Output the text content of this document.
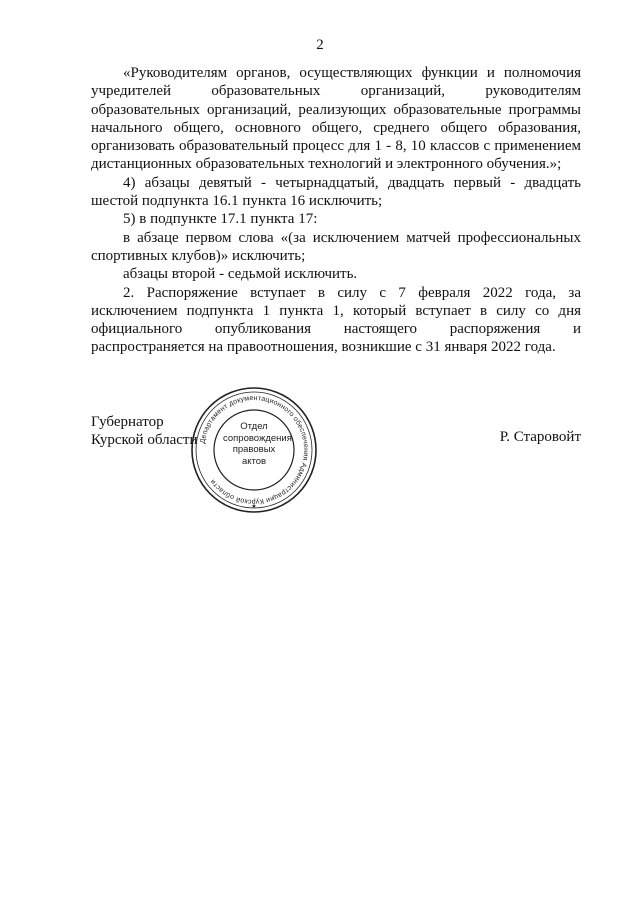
2

«Руководителям органов, осуществляющих функции и полномочия учредителей образовательных организаций, руководителям образовательных организаций, реализующих образовательные программы начального общего, основного общего, среднего общего образования, организовать образовательный процесс для 1 - 8, 10 классов с применением дистанционных образовательных технологий и электронного обучения.»;

4) абзацы девятый - четырнадцатый, двадцать первый - двадцать шестой подпункта 16.1 пункта 16 исключить;

5) в подпункте 17.1 пункта 17:

в абзаце первом слова «(за исключением матчей профессиональных спортивных клубов)» исключить;

абзацы второй - седьмой исключить.

2. Распоряжение вступает в силу с 7 февраля 2022 года, за исключением подпункта 1 пункта 1, который вступает в силу со дня официального опубликования настоящего распоряжения и распространяется на правоотношения, возникшие с 31 января 2022 года.

Губернатор
Курской области	Р. Старовойт
Департамент документационного обеспечения Администрации Курской области
★
Отдел
сопровождения
правовых
актов
